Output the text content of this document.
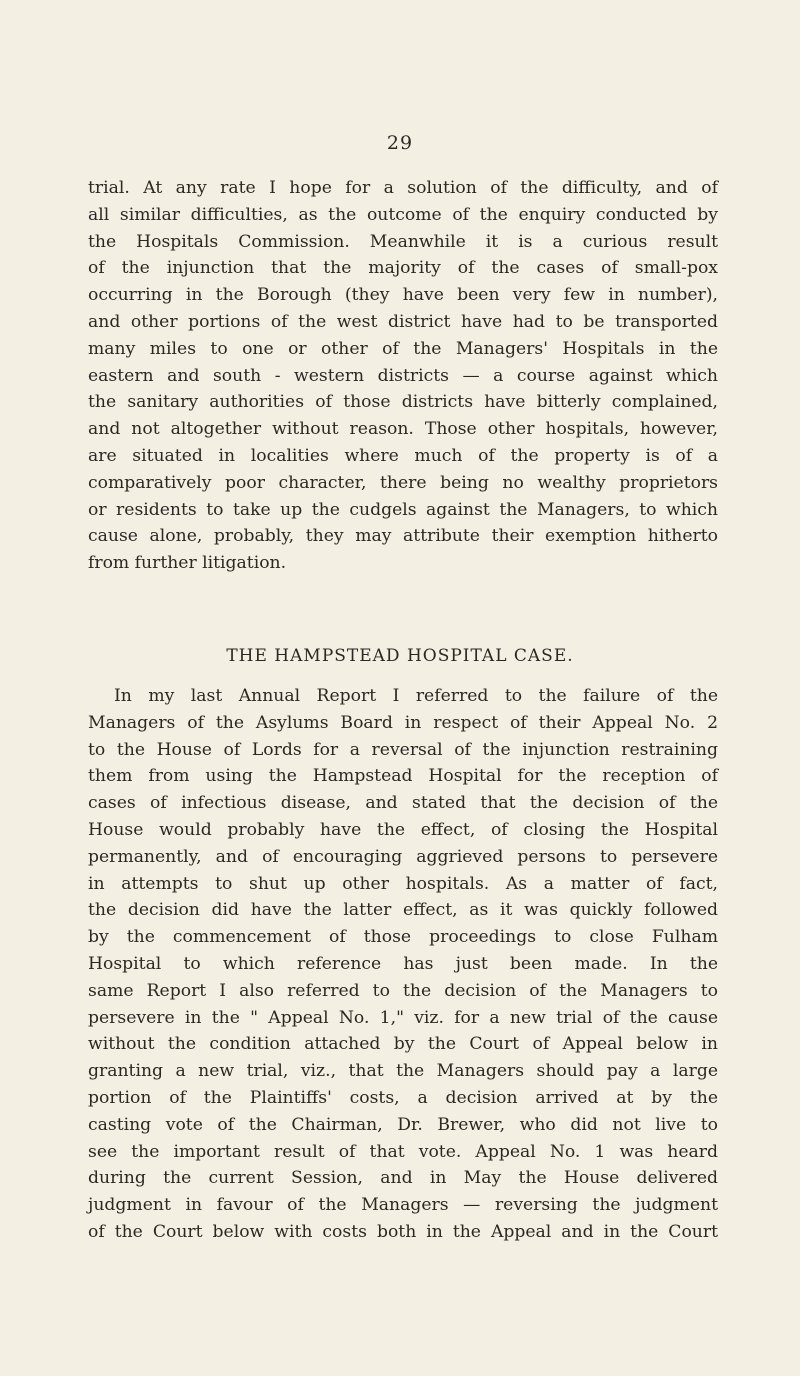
29
trial. At any rate I hope for a solution of the difficulty, and of
all similar difficulties, as the outcome of the enquiry conducted by
the Hospitals Commission. Meanwhile it is a curious result
of the injunction that the majority of the cases of small-pox
occurring in the Borough (they have been very few in number),
and other portions of the west district have had to be transported
many miles to one or other of the Managers' Hospitals in the
eastern and south - western districts — a course against which
the sanitary authorities of those districts have bitterly complained,
and not altogether without reason. Those other hospitals, however,
are situated in localities where much of the property is of a
comparatively poor character, there being no wealthy proprietors
or residents to take up the cudgels against the Managers, to which
cause alone, probably, they may attribute their exemption hitherto
from further litigation.
THE HAMPSTEAD HOSPITAL CASE.
In my last Annual Report I referred to the failure of the
Managers of the Asylums Board in respect of their Appeal No. 2
to the House of Lords for a reversal of the injunction restraining
them from using the Hampstead Hospital for the reception of
cases of infectious disease, and stated that the decision of the
House would probably have the effect, of closing the Hospital
permanently, and of encouraging aggrieved persons to persevere
in attempts to shut up other hospitals. As a matter of fact,
the decision did have the latter effect, as it was quickly followed
by the commencement of those proceedings to close Fulham
Hospital to which reference has just been made. In the
same Report I also referred to the decision of the Managers to
persevere in the " Appeal No. 1," viz. for a new trial of the cause
without the condition attached by the Court of Appeal below in
granting a new trial, viz., that the Managers should pay a large
portion of the Plaintiffs' costs, a decision arrived at by the
casting vote of the Chairman, Dr. Brewer, who did not live to
see the important result of that vote. Appeal No. 1 was heard
during the current Session, and in May the House delivered
judgment in favour of the Managers — reversing the judgment
of the Court below with costs both in the Appeal and in the Court
